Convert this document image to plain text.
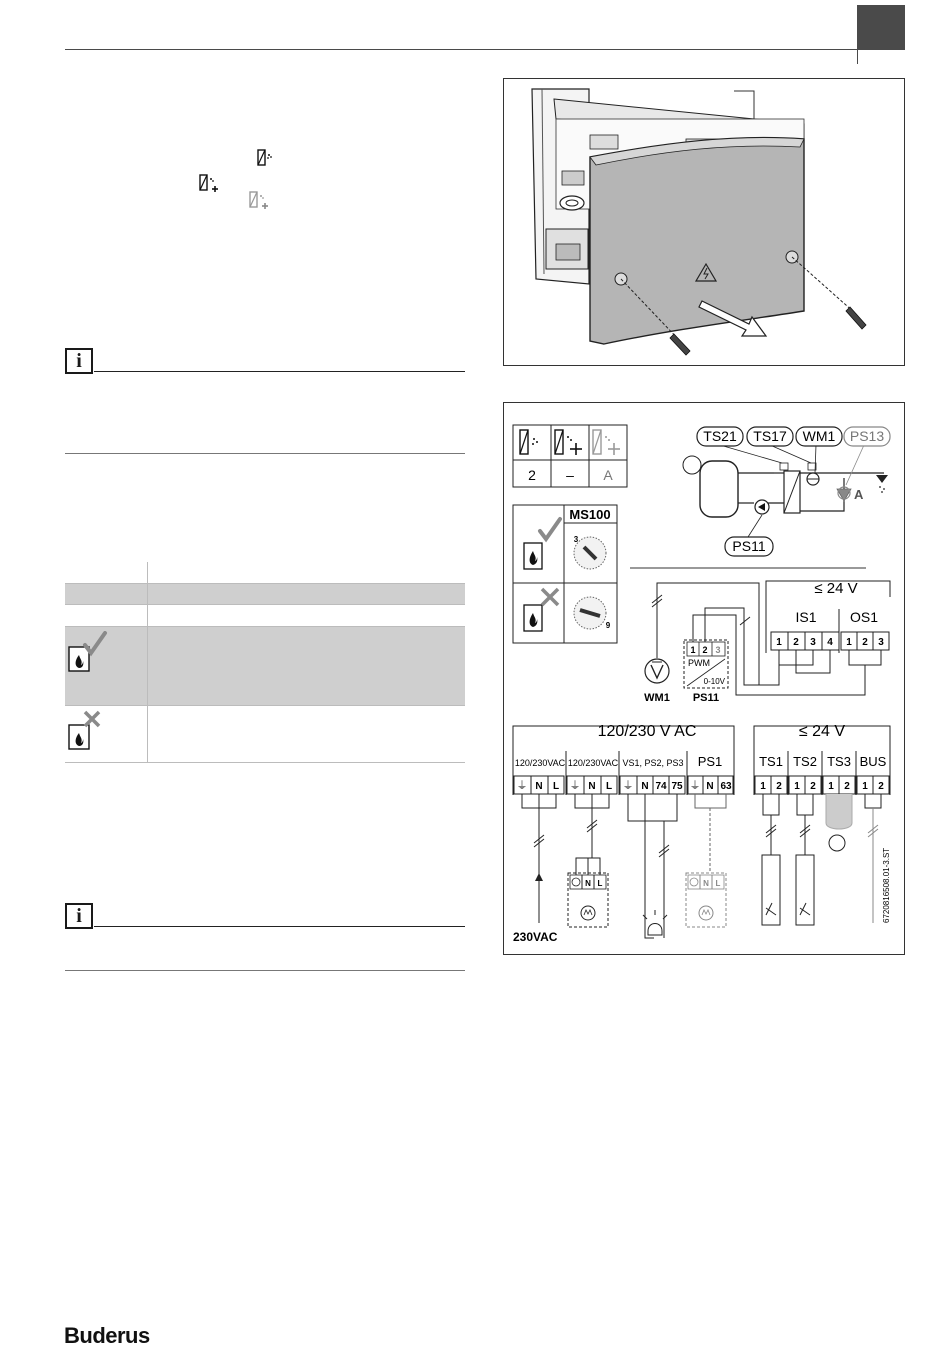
i

i
2 – A
A
TS21 TS17 WM1 PS13
PS11
MS100
3
9
≤ 24 V
IS1 OS1
1 2 3 4 1 2 3
WM1
1 2 3
PWM
0-10V
PS11
120/230 V AC
120/230VAC 120/230VAC VS1, PS2, PS3 PS1
⏚ N L ⏚ N L ⏚ N 74 75 ⏚ N 63
230VAC
N L	N L
≤ 24 V
TS1 TS2 TS3 BUS
1 2 1 2 1 2 1 2
6720816508.01-3.ST
Buderus
